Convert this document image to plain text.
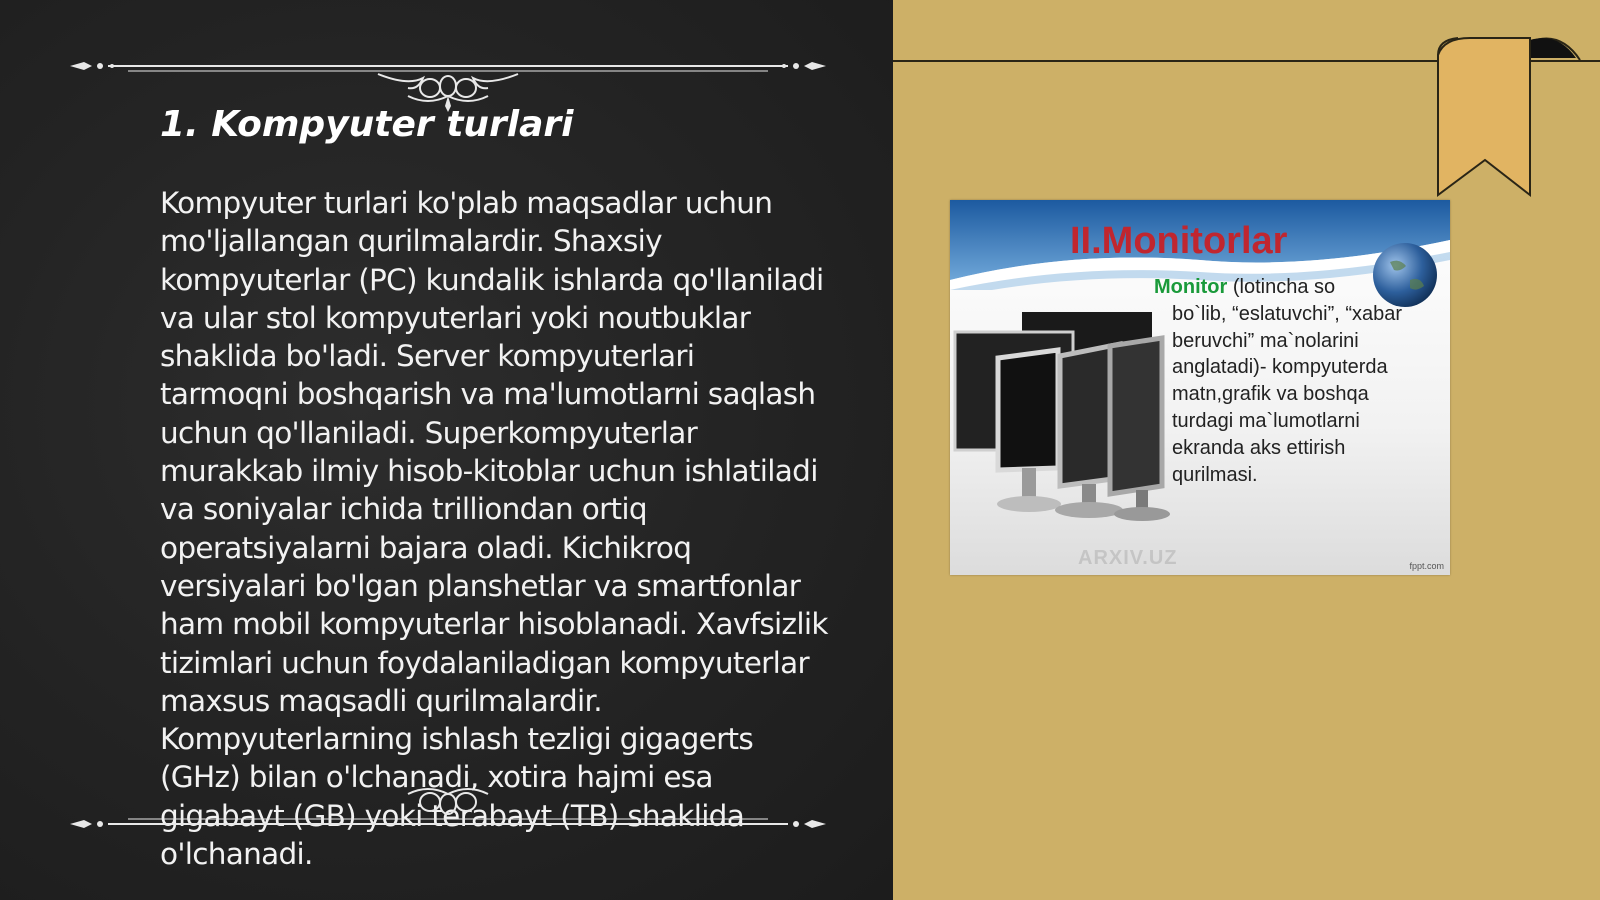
1. Kompyuter turlari

Kompyuter turlari ko'plab maqsadlar uchun mo'ljallangan qurilmalardir. Shaxsiy kompyuterlar (PC) kundalik ishlarda qo'llaniladi va ular stol kompyuterlari yoki noutbuklar shaklida bo'ladi. Server kompyuterlari tarmoqni boshqarish va ma'lumotlarni saqlash uchun qo'llaniladi. Superkompyuterlar murakkab ilmiy hisob-kitoblar uchun ishlatiladi va soniyalar ichida trilliondan ortiq operatsiyalarni bajara oladi. Kichikroq versiyalari bo'lgan planshetlar va smartfonlar ham mobil kompyuterlar hisoblanadi. Xavfsizlik tizimlari uchun foydalaniladigan kompyuterlar maxsus maqsadli qurilmalardir. Kompyuterlarning ishlash tezligi gigagerts (GHz) bilan o'lchanadi, xotira hajmi esa gigabayt (GB) yoki terabayt (TB) shaklida o'lchanadi.

II.Monitorlar

Monitor (lotincha so
bo`lib, “eslatuvchi”, “xabar beruvchi” ma`nolarini anglatadi)- kompyuterda matn,grafik va boshqa turdagi ma`lumotlarni ekranda aks ettirish qurilmasi.

ARXIV.UZ	fppt.com
